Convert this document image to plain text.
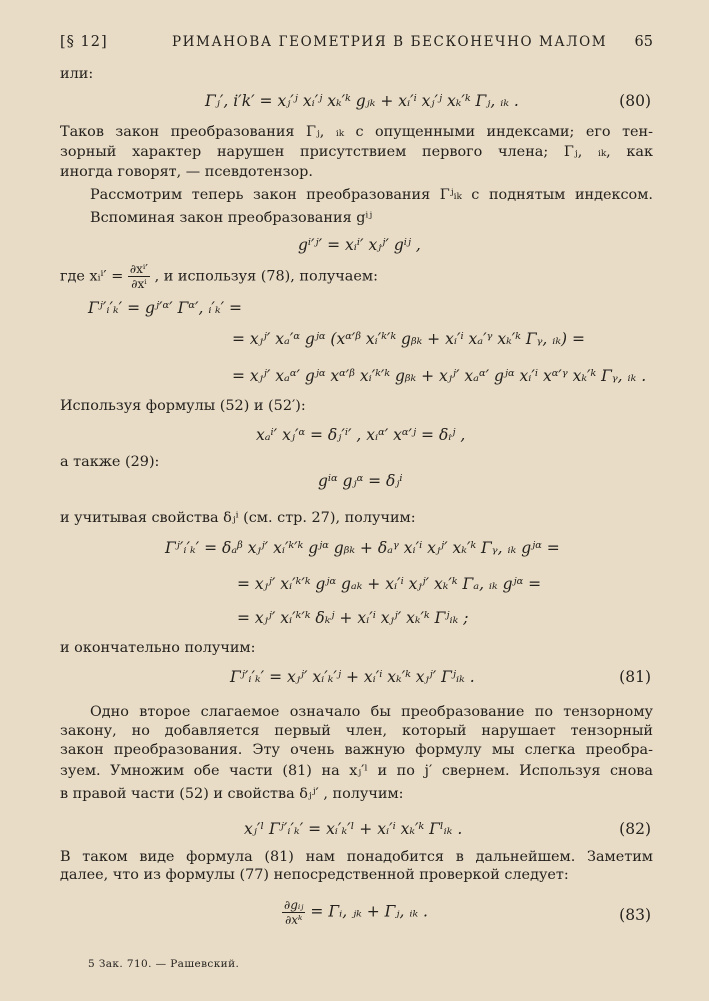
[§ 12]	РИМАНОВА ГЕОМЕТРИЯ В БЕСКОНЕЧНО МАЛОМ 65
или:
Γⱼ′, i′k′ = xⱼ′ʲ xᵢ′ʲ xₖ′ᵏ gⱼₖ + xᵢ′ⁱ xⱼ′ʲ xₖ′ᵏ Γⱼ, ᵢₖ .	(80)
Таков закон преобразования Γⱼ, ᵢₖ с опущенными индексами; его тен-
зорный характер нарушен присутствием первого члена; Γⱼ, ᵢₖ, как
иногда говорят, — псевдотензор.
Рассмотрим теперь закон преобразования Γʲᵢₖ с поднятым индексом.
Вспоминая закон преобразования gⁱʲ
gⁱ′ʲ′ = xᵢⁱ′ xⱼʲ′ gⁱʲ ,
где xᵢⁱ′ = $\frac{\text{∂xⁱ′}}{\text{∂xⁱ}}$ , и используя (78), получаем:
Γʲ′ᵢ′ₖ′ = gʲ′ᵅ′ Γᵅ′, ᵢ′ₖ′ =
= xⱼʲ′ xₐ′ᵅ gʲᵅ (xᵅ′ᵝ xᵢ′ᵏ′ᵏ gᵦₖ + xᵢ′ⁱ xₐ′ᵞ xₖ′ᵏ Γᵧ, ᵢₖ) =
= xⱼʲ′ xₐᵅ′ gʲᵅ xᵅ′ᵝ xᵢ′ᵏ′ᵏ gᵦₖ + xⱼʲ′ xₐᵅ′ gʲᵅ xᵢ′ⁱ xᵅ′ᵞ xₖ′ᵏ Γᵧ, ᵢₖ .
Используя формулы (52) и (52′):
xₐⁱ′ xⱼ′ᵅ = δⱼ′ⁱ′ , xᵢᵅ′ xᵅ′ʲ = δᵢʲ ,
а также (29):
gⁱᵅ gⱼᵅ = δⱼⁱ
и учитывая свойства δⱼⁱ (см. стр. 27), получим:
Γʲ′ᵢ′ₖ′ = δₐᵝ xⱼʲ′ xᵢ′ᵏ′ᵏ gʲᵅ gᵦₖ + δₐᵞ xᵢ′ⁱ xⱼʲ′ xₖ′ᵏ Γᵧ, ᵢₖ gʲᵅ =
= xⱼʲ′ xᵢ′ᵏ′ᵏ gʲᵅ gₐₖ + xᵢ′ⁱ xⱼʲ′ xₖ′ᵏ Γₐ, ᵢₖ gʲᵅ =
= xⱼʲ′ xᵢ′ᵏ′ᵏ δₖʲ + xᵢ′ⁱ xⱼʲ′ xₖ′ᵏ Γʲᵢₖ ;
и окончательно получим:
Γʲ′ᵢ′ₖ′ = xⱼʲ′ xᵢ′ₖ′ʲ + xᵢ′ⁱ xₖ′ᵏ xⱼʲ′ Γʲᵢₖ .	(81)
Одно второе слагаемое означало бы преобразование по тензорному
закону, но добавляется первый член, который нарушает тензорный
закон преобразования. Эту очень важную формулу мы слегка преобра-
зуем. Умножим обе части (81) на xⱼ′ˡ и по j′ свернем. Используя снова
в правой части (52) и свойства δⱼʲ′ , получим:
xⱼ′ˡ Γʲ′ᵢ′ₖ′ = xᵢ′ₖ′ˡ + xᵢ′ⁱ xₖ′ᵏ Γˡᵢₖ .	(82)
В таком виде формула (81) нам понадобится в дальнейшем. Заметим
далее, что из формулы (77) непосредственной проверкой следует:
$\frac{\text{∂gᵢⱼ}}{\text{∂xᵏ}}$ = Γᵢ, ⱼₖ + Γⱼ, ᵢₖ .	(83)
5 Зак. 710. — Рашевский.
